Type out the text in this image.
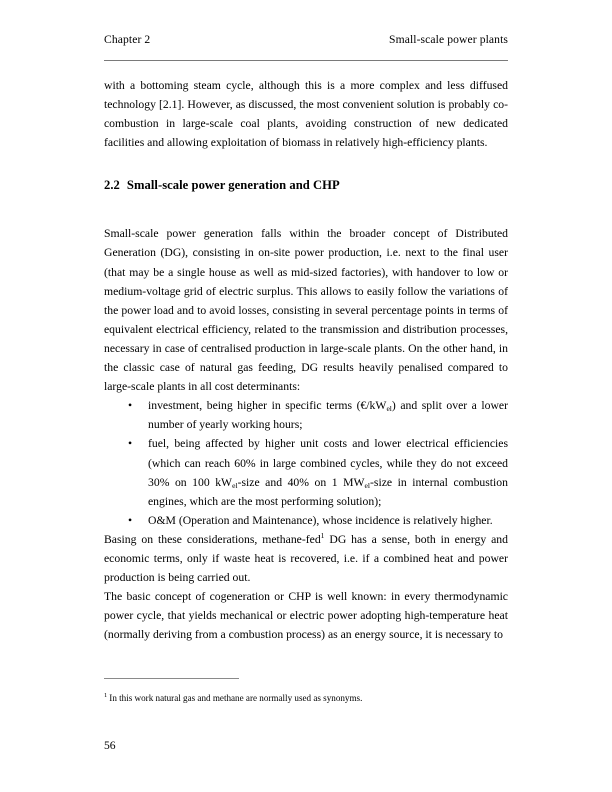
Chapter 2	Small-scale power plants

with a bottoming steam cycle, although this is a more complex and less diffused technology [2.1]. However, as discussed, the most convenient solution is probably co-combustion in large-scale coal plants, avoiding construction of new dedicated facilities and allowing exploitation of biomass in relatively high-efficiency plants.

2.2 Small-scale power generation and CHP

Small-scale power generation falls within the broader concept of Distributed Generation (DG), consisting in on-site power production, i.e. next to the final user (that may be a single house as well as mid-sized factories), with handover to low or medium-voltage grid of electric surplus. This allows to easily follow the variations of the power load and to avoid losses, consisting in several percentage points in terms of equivalent electrical efficiency, related to the transmission and distribution processes, necessary in case of centralised production in large-scale plants. On the other hand, in the classic case of natural gas feeding, DG results heavily penalised compared to large-scale plants in all cost determinants:

• investment, being higher in specific terms $(€/kW_{el})$ and split over a lower number of yearly working hours;
• fuel, being affected by higher unit costs and lower electrical efficiencies (which can reach 60% in large combined cycles, while they do not exceed 30% on 100 $kW_{el}$-size and 40% on 1 $MW_{el}$-size in internal combustion engines, which are the most performing solution);
• O&M (Operation and Maintenance), whose incidence is relatively higher.

Basing on these considerations, methane-fed$^1$ DG has a sense, both in energy and economic terms, only if waste heat is recovered, i.e. if a combined heat and power production is being carried out.

The basic concept of cogeneration or CHP is well known: in every thermodynamic power cycle, that yields mechanical or electric power adopting high-temperature heat (normally deriving from a combustion process) as an energy source, it is necessary to

$^1$ In this work natural gas and methane are normally used as synonyms.
56
